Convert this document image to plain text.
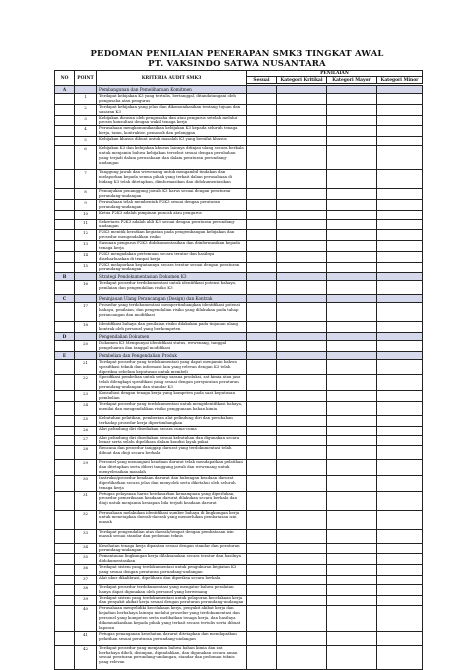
PEDOMAN PENILAIAN PENERAPAN SMK3 TINGKAT AWAL
PT. VAKSINDO SATWA NUSANTARA
NO	POINT	KRITERIA AUDIT SMK3	PENILAIAN			
			Sesuai	Kategori Kritikal	Kategori Mayor	Kategori Minor

A		Pembangunan dan Pemeliharaan Komitmen				
	1	Terdapat kebijakan K3 yang tertulis, bertanggal, ditandatangani oleh pengusaha atau pengurus				
	2	Terdapat kebijakan yang jelas dan dikomunikasikan tentang tujuan dan sasaran K3				
	3	Kebijakan disusun oleh pengusaha dan atau pengurus setelah melalui proses konsultasi dengan wakil tenaga kerja				
	4	Perusahaan mengkomunikasikan kebijakan K3 kepada seluruh tenaga kerja, tamu, kontraktor, pemasok dan pelanggan				
	5	Kebijakan khusus dibuat untuk masalah K3 yang bersifat khusus				
	6	Kebijakan K3 dan kebijakan khusus lainnya ditinjau ulang secara berkala untuk menjamin bahwa kebijakan tersebut sesuai dengan perubahan yang terjadi dalam perusahaan dan dalam peraturan perundang-undangan				
	7	Tanggung jawab dan wewenang untuk mengambil tindakan dan melaporkan kepada semua pihak yang terkait dalam perusahaan di bidang K3 telah ditetapkan, diinformasikan dan didokumentasikan				
	8	Penunjukan penanggung jawab K3 harus sesuai dengan peraturan perundang-undangan				
	9	Perusahaan telah membentuk P2K3 sesuai dengan peraturan perundang-undangan				
	10	Ketua P2K3 adalah pimpinan puncak atau pengurus				
	11	Sekretaris P2K3 adalah ahli K3 sesuai dengan peraturan perundang-undangan				
	12	P2K3 menitik beratkan kegiatan pada pengembangan kebijakan dan prosedur mengendalikan risiko				
	13	Susunan pengurus P2K3 didokumentasikan dan diinformasikan kepada tenaga kerja				
	14	P2K3 mengadakan pertemuan secara teratur dan hasilnya disebarluaskan di tempat kerja				
	15	P2K3 melaporkan kegiatannya secara teratur sesuai dengan peraturan perundang-undangan				
B		Strategi Pendokumentasian Dokumen K3				
	16	Terdapat prosedur terdokumentasi untuk identifikasi potensi bahaya, penilaian dan pengendalian risiko K3				
C		Peninjauan Ulang Perancangan (Design) dan Kontrak				
	17	Prosedur yang terdokumentasi mempertimbangkan identifikasi potensi bahaya, penilaian, dan pengendalian risiko yang dilakukan pada tahap perancangan dan modifikasi				
	18	Identifikasi bahaya dan penilaian risiko dilakukan pada tinjauan ulang kontrak oleh personel yang berkompeten				
D		Pengendalian Dokumen				
	20	Dokumen K3 Mempunyai identifikasi status, wewenang, tanggal pengeluaran dan tanggal modifikasi				
E		Pembelian dan Pengendalian Produk				
	21	Terdapat prosedur yang terdokumentasi yang dapat menjamin bahwa spesifikasi teknik dan informasi lain yang relevan dengan K3 telah diperiksa sebelum keputusan untuk membeli				
	22	Spesifikasi pembelian untuk setiap sarana produksi, zat kimia atau jasa telah dilengkapi spesifikasi yang sesuai dengan persyaratan peraturan perundang-undangan dan standar K3				
	23	Konsultasi dengan tenaga kerja yang kompeten pada saat keputusan pembelian				
	24	Terdapat prosedur yang terdokumentasi untuk mengidentifikasi bahaya, menilai dan mengendalikan risiko penggunaan bahan kimia				
	25	Kebutuhan pelatihan, pemberian alat pelindung diri dan perubahan terhadap prosedur kerja dipertimbangkan				
	26	Alat pelindung diri disediakan secara cuma-cuma				
	27	Alat pelindung diri disediakan sesuai kebutuhan dan digunakan secara benar serta selalu dipelihara dalam kondisi layak pakai				
	28	Rencana dan prosedur tanggap darurat yang terdokumentasi telah dibuat dan diuji secara berkala				
	29	Personel yang menangani keadaan darurat telah mendapatkan pelatihan dan ditetapkan serta diberi tanggung jawab dan wewenang untuk menyelesaikan masalah				
	30	Instruksi/prosedur keadaan darurat dan hubungan keadaan darurat diperlihatkan secara jelas dan menyolok serta diketahui oleh seluruh tenaga kerja				
	31	Petugas pelayanan harus berdasarkan kemampuan yang diperlukan, prosedur pemeriksaan keadaan darurat dilakukan secara berkala dan diuji untuk menjamin kesiapan bila terjadi keadaan darurat				
	32	Perusahaan melakukan identifikasi sumber bahaya di lingkungan kerja untuk menetapkan daerah-daerah yang memerlukan pembatasan izin masuk				
	33	Terdapat pengendalian atas daerah/tempat dengan pembatasan izin masuk sesuai standar dan pedoman teknis				
	34	Kesehatan tenaga kerja dipantau sesuai dengan standar dan peraturan perundang-undangan				
	35	Pemantauan lingkungan kerja dilaksanakan secara teratur dan hasilnya didokumentasikan				
	36	Terdapat sistem yang terdokumentasi untuk pengukuran kegiatan K3 yang sesuai dengan peraturan perundang-undangan				
	37	Alat ukur dikalibrasi, dipelihara dan diperiksa secara berkala				
	38	Terdapat prosedur terdokumentasi yang mengatur bahwa peralatan hanya dapat digunakan oleh personel yang berwenang				
	39	Terdapat sistem yang terdokumentasi untuk pelaporan kecelakaan kerja dan penyakit akibat kerja sesuai dengan peraturan perundang-undangan				
	40	Perusahaan menyelidiki kecelakaan kerja, penyakit akibat kerja dan kejadian berbahaya lainnya melalui prosedur yang terdokumentasi dan personel yang kompeten serta melibatkan tenaga kerja, dan hasilnya dikomunikasikan kepada pihak yang terkait secara tertulis serta dibuat laporan				
	41	Petugas penanganan kesehatan darurat ditetapkan dan mendapatkan pelatihan sesuai peraturan perundang-undangan				
	42	Terdapat prosedur yang menjamin bahwa bahan kimia dan zat berbahaya dibeli, disimpan, dipindahkan, dan digunakan secara aman sesuai peraturan perundang-undangan, standar dan pedoman teknis yang relevan				
